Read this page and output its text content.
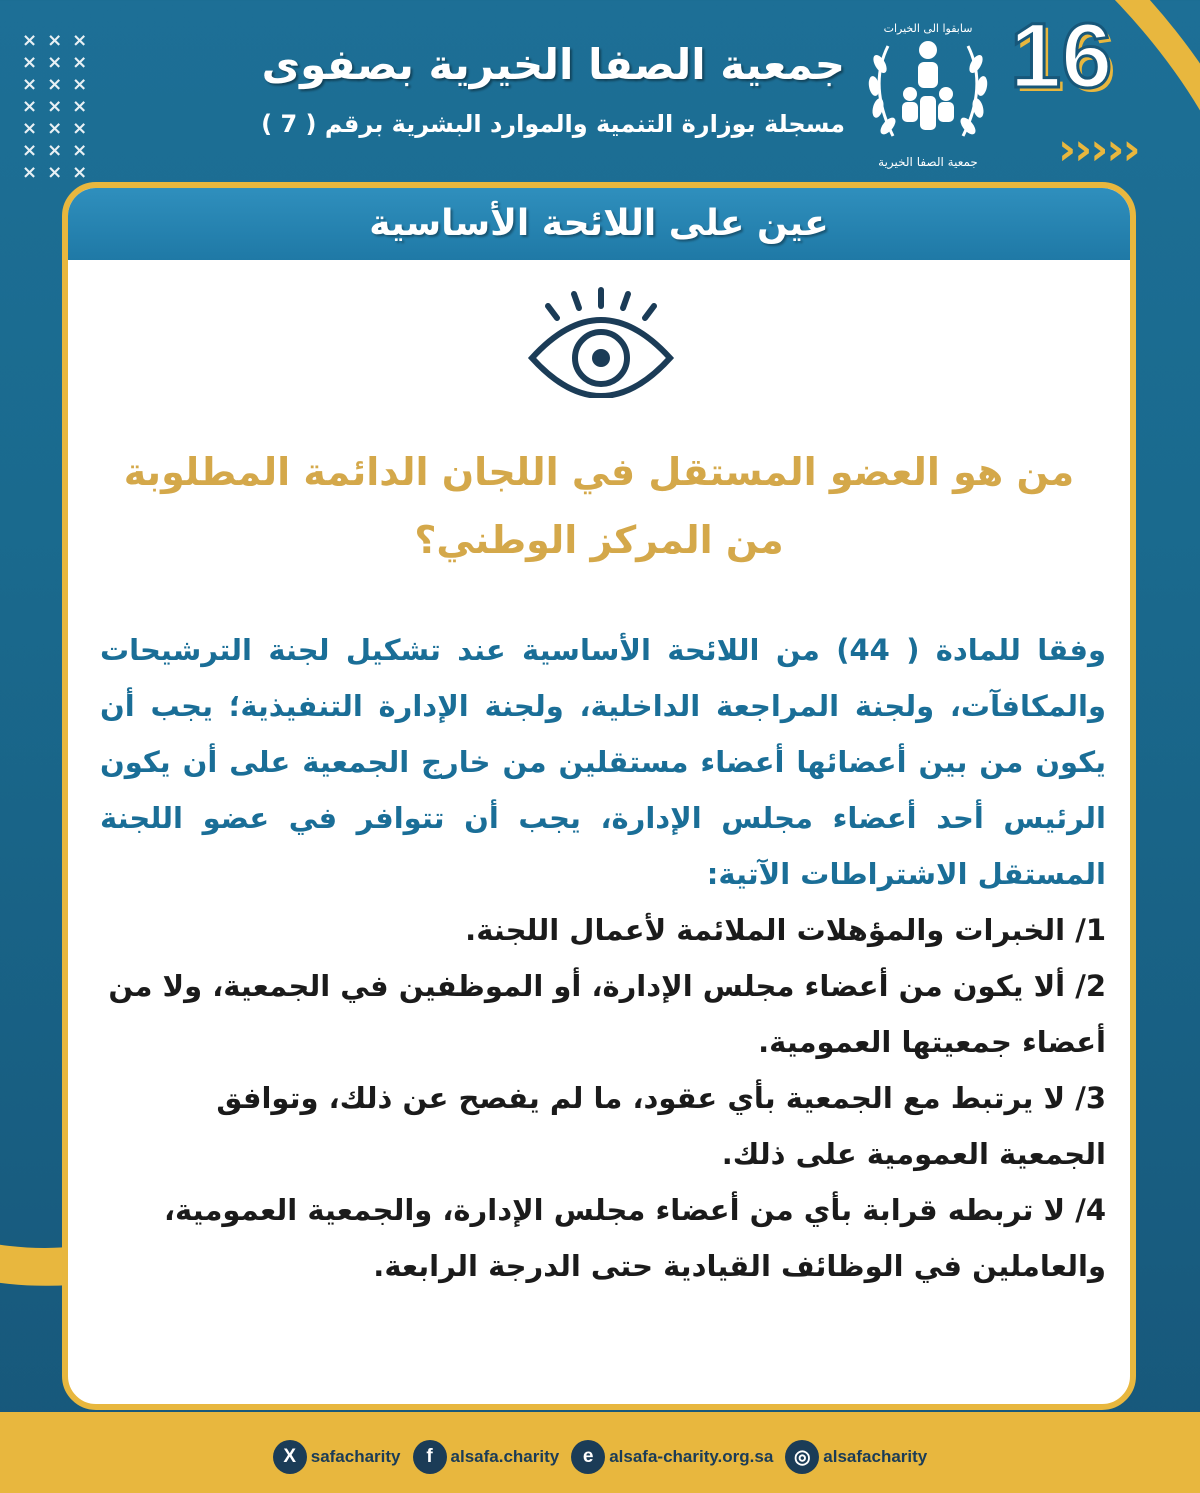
×××
×××
×××
×××
×××
×××
×××
16
›››››
سابقوا الى الخيرات
جمعية الصفا الخيرية
جمعية الصفا الخيرية بصفوى
مسجلة بوزارة التنمية والموارد البشرية برقم ( 7 )
عين على اللائحة الأساسية
من هو العضو المستقل في اللجان الدائمة المطلوبة من المركز الوطني؟
وفقا للمادة ( 44) من اللائحة الأساسية عند تشكيل لجنة الترشيحات والمكافآت، ولجنة المراجعة الداخلية، ولجنة الإدارة التنفيذية؛ يجب أن يكون من بين أعضائها أعضاء مستقلين من خارج الجمعية على أن يكون الرئيس أحد أعضاء مجلس الإدارة، يجب أن تتوافر في عضو اللجنة المستقل الاشتراطات الآتية:
1/ الخبرات والمؤهلات الملائمة لأعمال اللجنة.
2/ ألا يكون من أعضاء مجلس الإدارة، أو الموظفين في الجمعية، ولا من أعضاء جمعيتها العمومية.
3/ لا يرتبط مع الجمعية بأي عقود، ما لم يفصح عن ذلك، وتوافق الجمعية العمومية على ذلك.
4/ لا تربطه قرابة بأي من أعضاء مجلس الإدارة، والجمعية العمومية، والعاملين في الوظائف القيادية حتى الدرجة الرابعة.
X safacharity	f	alsafa.charity	e alsafa-charity.org.sa	◎ alsafacharity
